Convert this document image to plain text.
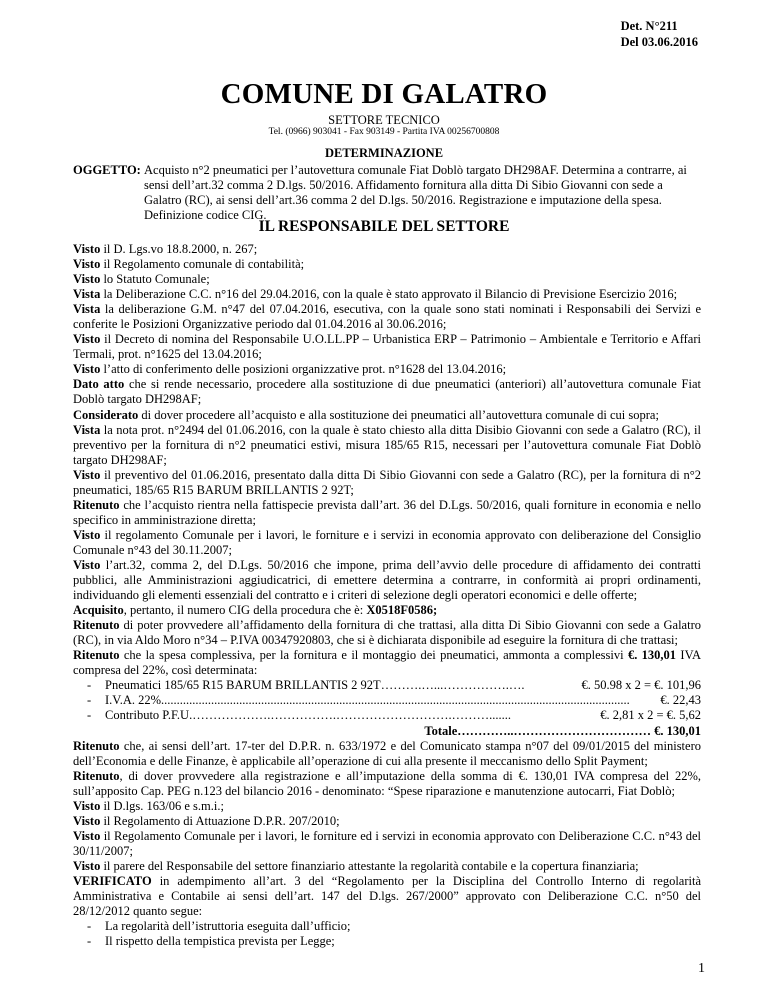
Det. N°211
Del 03.06.2016
COMUNE DI GALATRO
SETTORE TECNICO
Tel. (0966) 903041 - Fax 903149 - Partita IVA 00256700808
DETERMINAZIONE
OGGETTO: Acquisto n°2 pneumatici per l’autovettura comunale Fiat Doblò targato DH298AF. Determina a contrarre, ai sensi dell’art.32 comma 2 D.lgs. 50/2016. Affidamento fornitura alla ditta Di Sibio Giovanni con sede a Galatro (RC), ai sensi dell’art.36 comma 2 del D.lgs. 50/2016. Registrazione e imputazione della spesa. Definizione codice CIG.
IL RESPONSABILE DEL SETTORE

Visto il D. Lgs.vo 18.8.2000, n. 267;

Visto il Regolamento comunale di contabilità;

Visto lo Statuto Comunale;

Vista la Deliberazione C.C. n°16 del 29.04.2016, con la quale è stato approvato il Bilancio di Previsione Esercizio 2016;

Vista la deliberazione G.M. n°47 del 07.04.2016, esecutiva, con la quale sono stati nominati i Responsabili dei Servizi e conferite le Posizioni Organizzative periodo dal 01.04.2016 al 30.06.2016;

Visto il Decreto di nomina del Responsabile U.O.LL.PP – Urbanistica ERP – Patrimonio – Ambientale e Territorio e Affari Termali, prot. n°1625 del 13.04.2016;

Visto l’atto di conferimento delle posizioni organizzative prot. n°1628 del 13.04.2016;

Dato atto che si rende necessario, procedere alla sostituzione di due pneumatici (anteriori) all’autovettura comunale Fiat Doblò targato DH298AF;

Considerato di dover procedere all’acquisto e alla sostituzione dei pneumatici all’autovettura comunale di cui sopra;

Vista la nota prot. n°2494 del 01.06.2016, con la quale è stato chiesto alla ditta Disibio Giovanni con sede a Galatro (RC), il preventivo per la fornitura di n°2 pneumatici estivi, misura 185/65 R15, necessari per l’autovettura comunale Fiat Doblò targato DH298AF;

Visto il preventivo del 01.06.2016, presentato dalla ditta Di Sibio Giovanni con sede a Galatro (RC), per la fornitura di n°2 pneumatici, 185/65 R15 BARUM BRILLANTIS 2 92T;

Ritenuto che l’acquisto rientra nella fattispecie prevista dall’art. 36 del D.Lgs. 50/2016, quali forniture in economia e nello specifico in amministrazione diretta;

Visto il regolamento Comunale per i lavori, le forniture e i servizi in economia approvato con deliberazione del Consiglio Comunale n°43 del 30.11.2007;

Visto l’art.32, comma 2, del D.Lgs. 50/2016 che impone, prima dell’avvio delle procedure di affidamento dei contratti pubblici, alle Amministrazioni aggiudicatrici, di emettere determina a contrarre, in conformità ai propri ordinamenti, individuando gli elementi essenziali del contratto e i criteri di selezione degli operatori economici e delle offerte;

Acquisito, pertanto, il numero CIG della procedura che è: X0518F0586;

Ritenuto di poter provvedere all’affidamento della fornitura di che trattasi, alla ditta Di Sibio Giovanni con sede a Galatro (RC), in via Aldo Moro n°34 – P.IVA 00347920803, che si è dichiarata disponibile ad eseguire la fornitura di che trattasi;

Ritenuto che la spesa complessiva, per la fornitura e il montaggio dei pneumatici, ammonta a complessivi €. 130,01 IVA compresa del 22%, così determinata:

- Pneumatici 185/65 R15 BARUM BRILLANTIS 2 92T ……….…...…………….….	€. 50.98 x 2 = €. 101,96
- I.V.A. 22% ......................................................................................................................................................	€. 22,43
- Contributo P.F.U. ……………….…………….……………………….……….......	€. 2,81 x 2 = €. 5,62
Totale…………..…………………………… €. 130,01

Ritenuto che, ai sensi dell’art. 17-ter del D.P.R. n. 633/1972 e del Comunicato stampa n°07 del 09/01/2015 del ministero dell’Economia e delle Finanze, è applicabile all’operazione di cui alla presente il meccanismo dello Split Payment;

Ritenuto, di dover provvedere alla registrazione e all’imputazione della somma di €. 130,01 IVA compresa del 22%, sull’apposito Cap. PEG n.123 del bilancio 2016 - denominato: “Spese riparazione e manutenzione autocarri, Fiat Doblò;

Visto il D.lgs. 163/06 e s.m.i.;

Visto il Regolamento di Attuazione D.P.R. 207/2010;

Visto il Regolamento Comunale per i lavori, le forniture ed i servizi in economia approvato con Deliberazione C.C. n°43 del 30/11/2007;

Visto il parere del Responsabile del settore finanziario attestante la regolarità contabile e la copertura finanziaria;

VERIFICATO in adempimento all’art. 3 del “Regolamento per la Disciplina del Controllo Interno di regolarità Amministrativa e Contabile ai sensi dell’art. 147 del D.lgs. 267/2000” approvato con Deliberazione C.C. n°50 del 28/12/2012 quanto segue:

- La regolarità dell’istruttoria eseguita dall’ufficio;
- Il rispetto della tempistica prevista per Legge;
1
